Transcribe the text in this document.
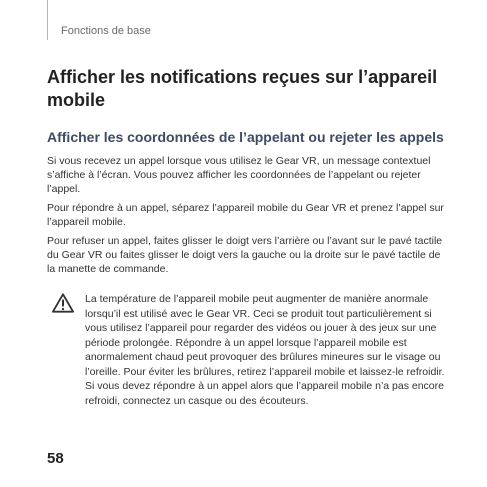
Fonctions de base
Afficher les notifications reçues sur l’appareil mobile
Afficher les coordonnées de l’appelant ou rejeter les appels

Si vous recevez un appel lorsque vous utilisez le Gear VR, un message contextuel s’affiche à l’écran. Vous pouvez afficher les coordonnées de l’appelant ou rejeter l’appel.

Pour répondre à un appel, séparez l’appareil mobile du Gear VR et prenez l’appel sur l’appareil mobile.

Pour refuser un appel, faites glisser le doigt vers l’arrière ou l’avant sur le pavé tactile du Gear VR ou faites glisser le doigt vers la gauche ou la droite sur le pavé tactile de la manette de commande.

La température de l’appareil mobile peut augmenter de manière anormale lorsqu’il est utilisé avec le Gear VR. Ceci se produit tout particulièrement si vous utilisez l’appareil pour regarder des vidéos ou jouer à des jeux sur une période prolongée. Répondre à un appel lorsque l’appareil mobile est anormalement chaud peut provoquer des brûlures mineures sur le visage ou l’oreille. Pour éviter les brûlures, retirez l’appareil mobile et laissez-le refroidir. Si vous devez répondre à un appel alors que l’appareil mobile n’a pas encore refroidi, connectez un casque ou des écouteurs.
58
